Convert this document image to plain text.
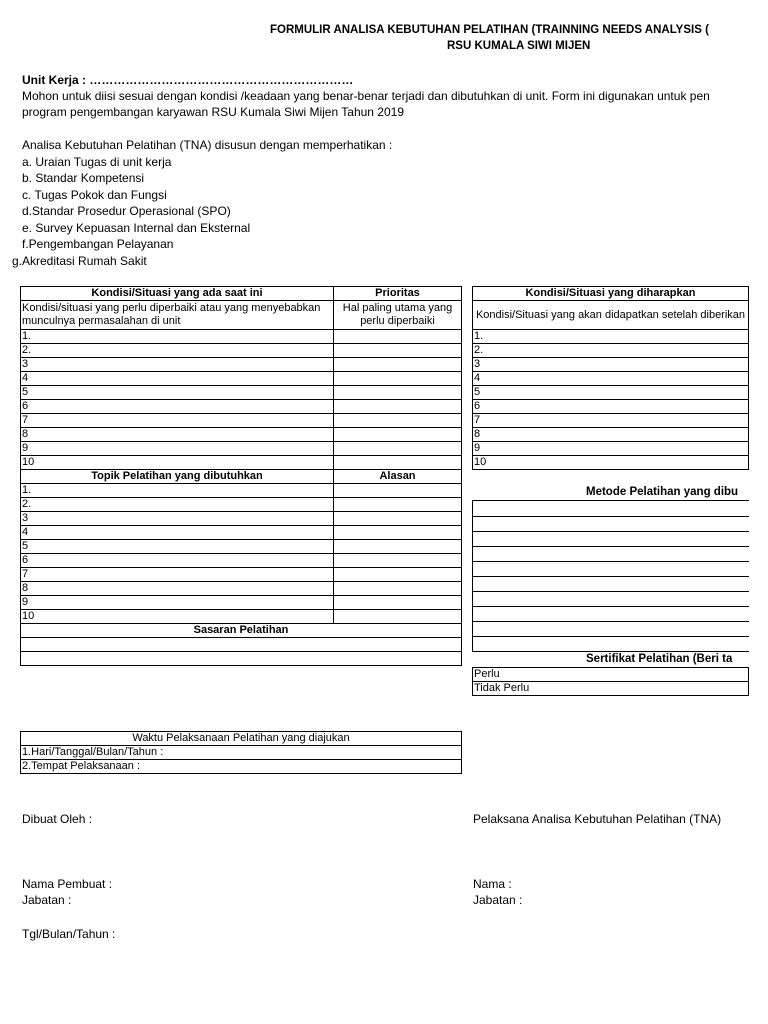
FORMULIR ANALISA KEBUTUHAN PELATIHAN (TRAINNING NEEDS ANALYSIS (
RSU KUMALA SIWI MIJEN
Unit Kerja : …………………………………………………………
Mohon untuk diisi sesuai dengan kondisi /keadaan yang benar-benar terjadi dan dibutuhkan di unit. Form ini digunakan untuk pen
program pengembangan karyawan RSU Kumala Siwi Mijen Tahun 2019
Analisa Kebutuhan Pelatihan (TNA) disusun dengan memperhatikan :
a. Uraian Tugas di unit kerja
b. Standar Kompetensi
c. Tugas Pokok dan Fungsi
d.Standar Prosedur Operasional (SPO)
e. Survey Kepuasan Internal dan Eksternal
f.Pengembangan Pelayanan
g.Akreditasi Rumah Sakit
Kondisi/Situasi yang ada saat ini	Prioritas
Kondisi/situasi yang perlu diperbaiki atau yang menyebabkan munculnya permasalahan di unit	Hal paling utama yang perlu diperbaiki
1.	
2.	
3	
4	
5	
6	
7	
8	
9	
10	
Topik Pelatihan yang dibutuhkan	Alasan
1.	
2.	
3	
4	
5	
6	
7	
8	
9	
10	
Sasaran Pelatihan	

Kondisi/Situasi yang diharapkan
Kondisi/Situasi yang akan didapatkan setelah diberikan
1.
2.
3
4
5
6
7
8
9
10
Metode Pelatihan yang dibu
Sertifikat Pelatihan (Beri ta
Perlu
Tidak Perlu
Waktu Pelaksanaan Pelatihan yang diajukan
1.Hari/Tanggal/Bulan/Tahun :
2.Tempat Pelaksanaan :
Dibuat Oleh :	Pelaksana Analisa Kebutuhan Pelatihan (TNA)
Nama Pembuat :
Jabatan :
Nama :
Jabatan :
Tgl/Bulan/Tahun :
